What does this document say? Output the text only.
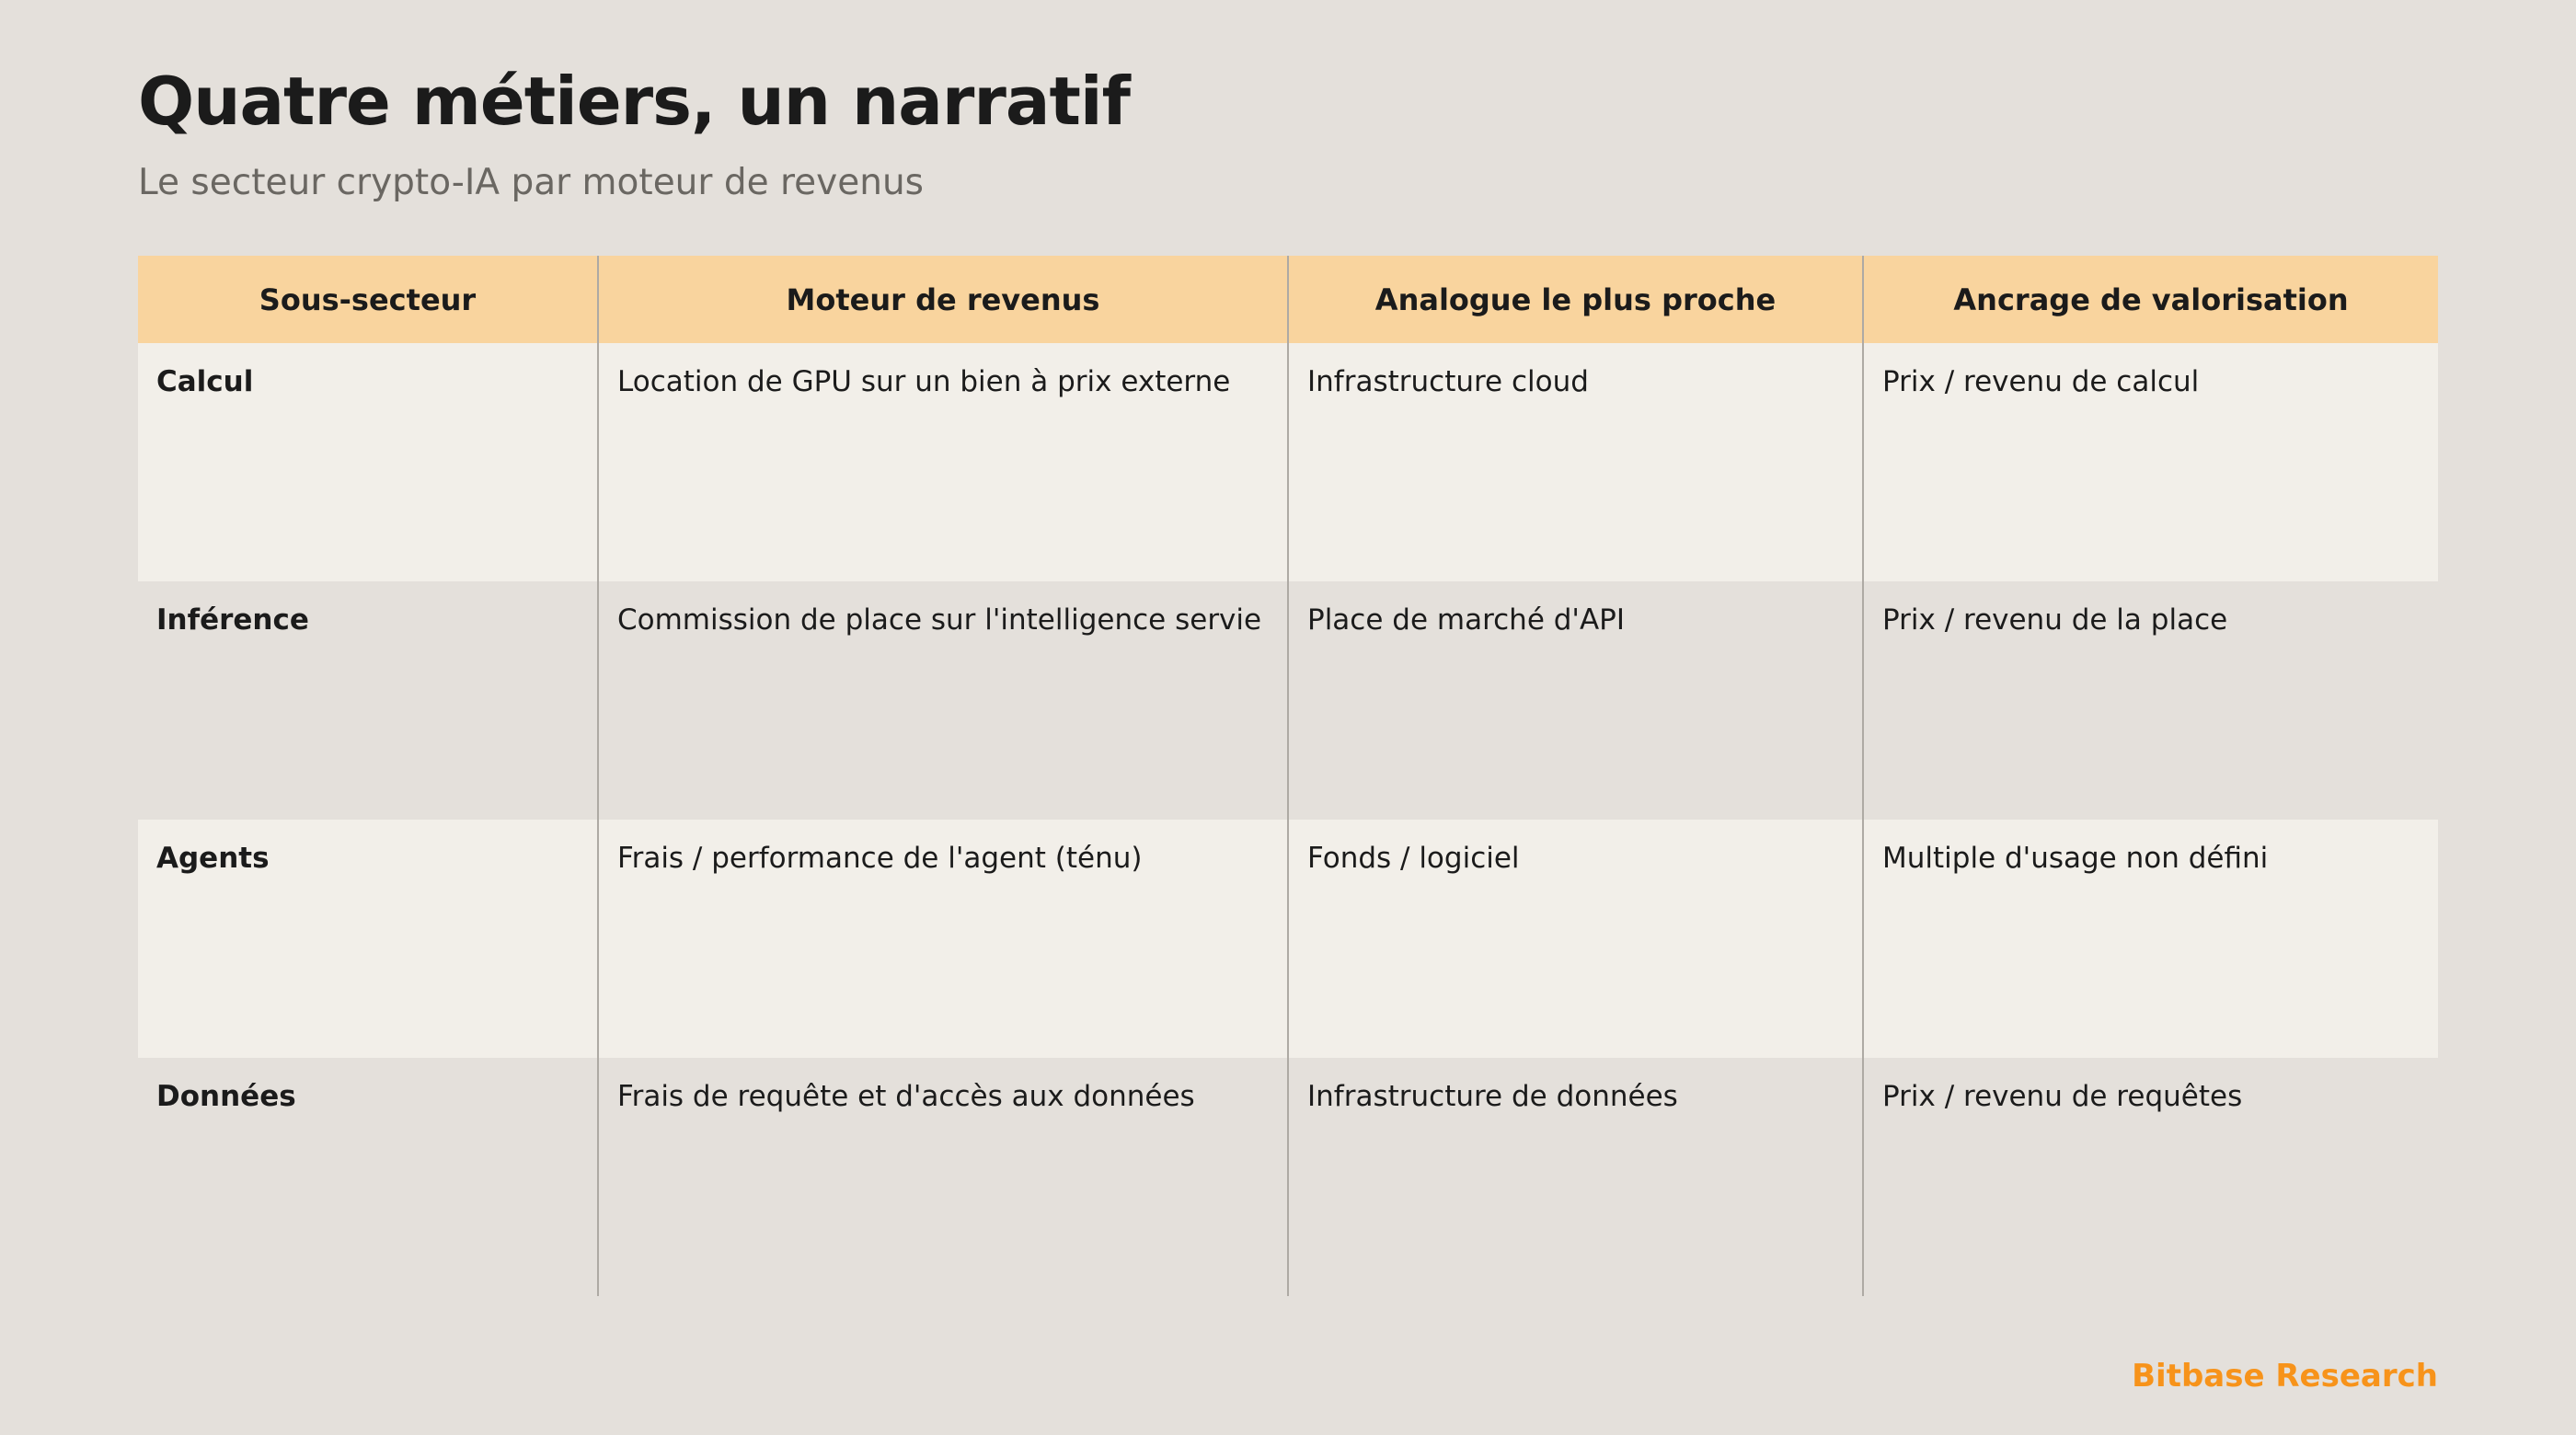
Quatre métiers, un narratif

Le secteur crypto-IA par moteur de revenus

Sous-secteur	Moteur de revenus	Analogue le plus proche	Ancrage de valorisation
Calcul	Location de GPU sur un bien à prix externe	Infrastructure cloud	Prix / revenu de calcul
Inférence	Commission de place sur l'intelligence servie	Place de marché d'API	Prix / revenu de la place
Agents	Frais / performance de l'agent (ténu)	Fonds / logiciel	Multiple d'usage non défini
Données	Frais de requête et d'accès aux données	Infrastructure de données	Prix / revenu de requêtes

Bitbase Research
